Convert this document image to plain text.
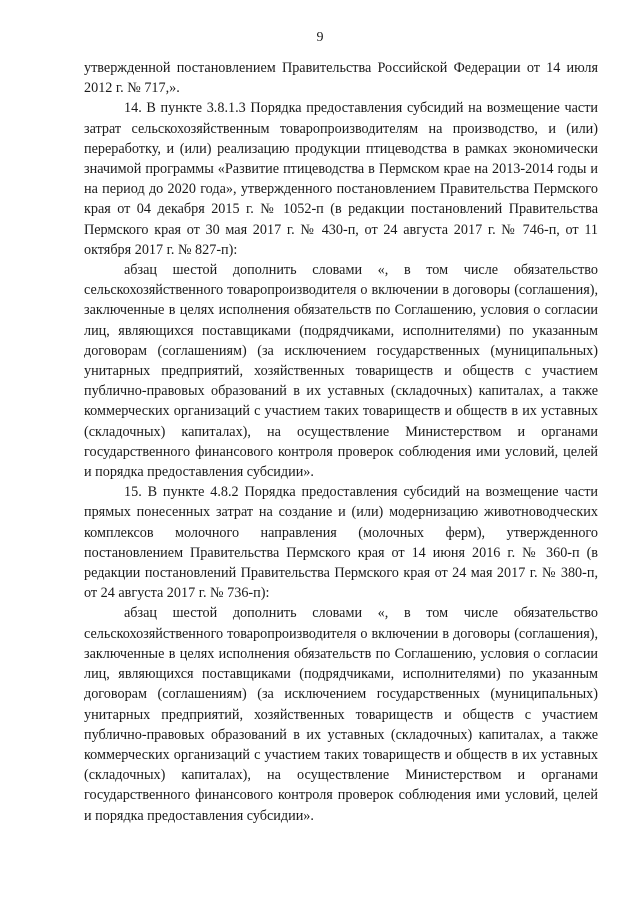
9

утвержденной постановлением Правительства Российской Федерации от 14 июля 2012 г. № 717,».

14. В пункте 3.8.1.3 Порядка предоставления субсидий на возмещение части затрат сельскохозяйственным товаропроизводителям на производство, и (или) переработку, и (или) реализацию продукции птицеводства в рамках экономически значимой программы «Развитие птицеводства в Пермском крае на 2013-2014 годы и на период до 2020 года», утвержденного постановлением Правительства Пермского края от 04 декабря 2015 г. № 1052-п (в редакции постановлений Правительства Пермского края от 30 мая 2017 г. № 430-п, от 24 августа 2017 г. № 746-п, от 11 октября 2017 г. № 827-п):

абзац шестой дополнить словами «, в том числе обязательство сельскохозяйственного товаропроизводителя о включении в договоры (соглашения), заключенные в целях исполнения обязательств по Соглашению, условия о согласии лиц, являющихся поставщиками (подрядчиками, исполнителями) по указанным договорам (соглашениям) (за исключением государственных (муниципальных) унитарных предприятий, хозяйственных товариществ и обществ с участием публично-правовых образований в их уставных (складочных) капиталах, а также коммерческих организаций с участием таких товариществ и обществ в их уставных (складочных) капиталах), на осуществление Министерством и органами государственного финансового контроля проверок соблюдения ими условий, целей и порядка предоставления субсидии».

15. В пункте 4.8.2 Порядка предоставления субсидий на возмещение части прямых понесенных затрат на создание и (или) модернизацию животноводческих комплексов молочного направления (молочных ферм), утвержденного постановлением Правительства Пермского края от 14 июня 2016 г. № 360-п (в редакции постановлений Правительства Пермского края от 24 мая 2017 г. № 380-п, от 24 августа 2017 г. № 736-п):

абзац шестой дополнить словами «, в том числе обязательство сельскохозяйственного товаропроизводителя о включении в договоры (соглашения), заключенные в целях исполнения обязательств по Соглашению, условия о согласии лиц, являющихся поставщиками (подрядчиками, исполнителями) по указанным договорам (соглашениям) (за исключением государственных (муниципальных) унитарных предприятий, хозяйственных товариществ и обществ с участием публично-правовых образований в их уставных (складочных) капиталах, а также коммерческих организаций с участием таких товариществ и обществ в их уставных (складочных) капиталах), на осуществление Министерством и органами государственного финансового контроля проверок соблюдения ими условий, целей и порядка предоставления субсидии».
